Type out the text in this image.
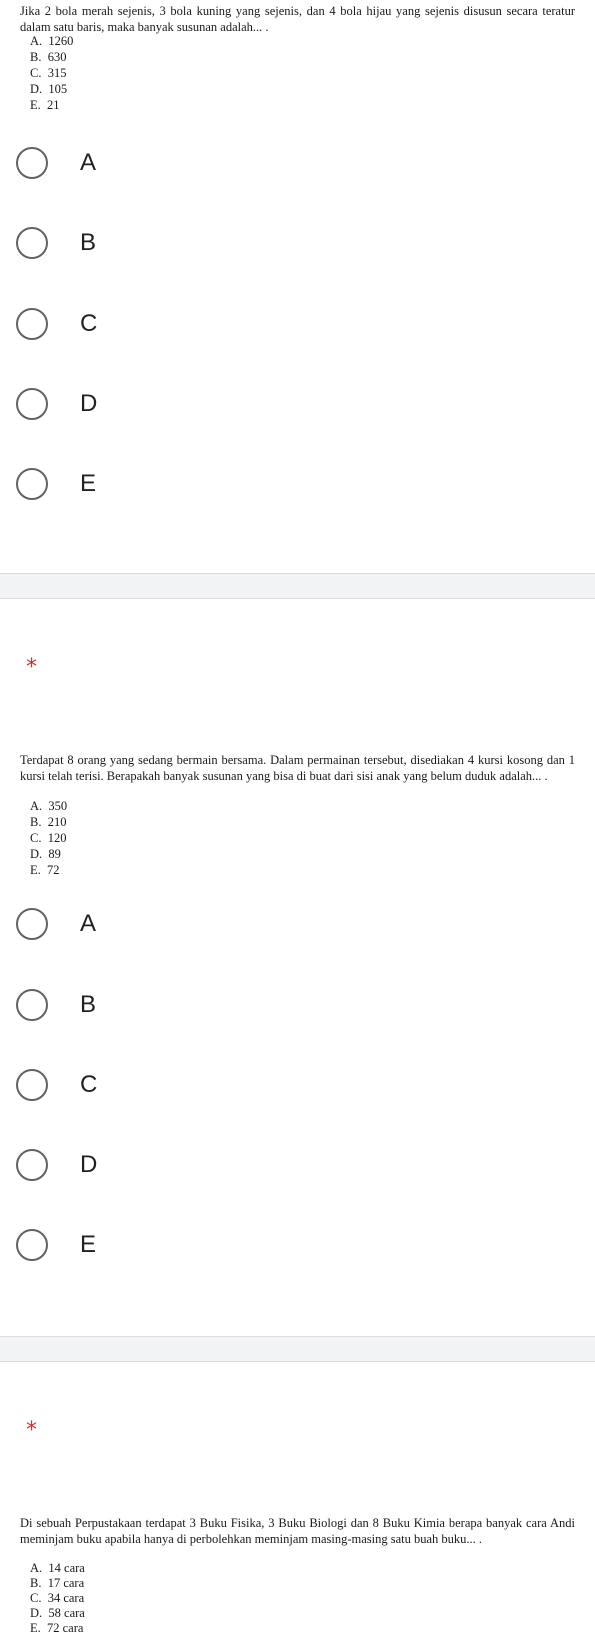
Jika 2 bola merah sejenis, 3 bola kuning yang sejenis, dan 4 bola hijau yang sejenis disusun secara teratur dalam satu baris, maka banyak susunan adalah... .
A.  1260
B.  630
C.  315
D.  105
E.  21
A
B
C
D
E
*
Terdapat 8 orang yang sedang bermain bersama. Dalam permainan tersebut, disediakan 4 kursi kosong dan 1 kursi telah terisi. Berapakah banyak susunan yang bisa di buat dari sisi anak yang belum duduk adalah... .
A.  350
B.  210
C.  120
D.  89
E.  72
A
B
C
D
E
*
Di sebuah Perpustakaan terdapat 3 Buku Fisika, 3 Buku Biologi dan 8 Buku Kimia berapa banyak cara Andi meminjam buku apabila hanya di perbolehkan meminjam masing-masing satu buah buku... .
A.  14 cara
B.  17 cara
C.  34 cara
D.  58 cara
E.  72 cara
